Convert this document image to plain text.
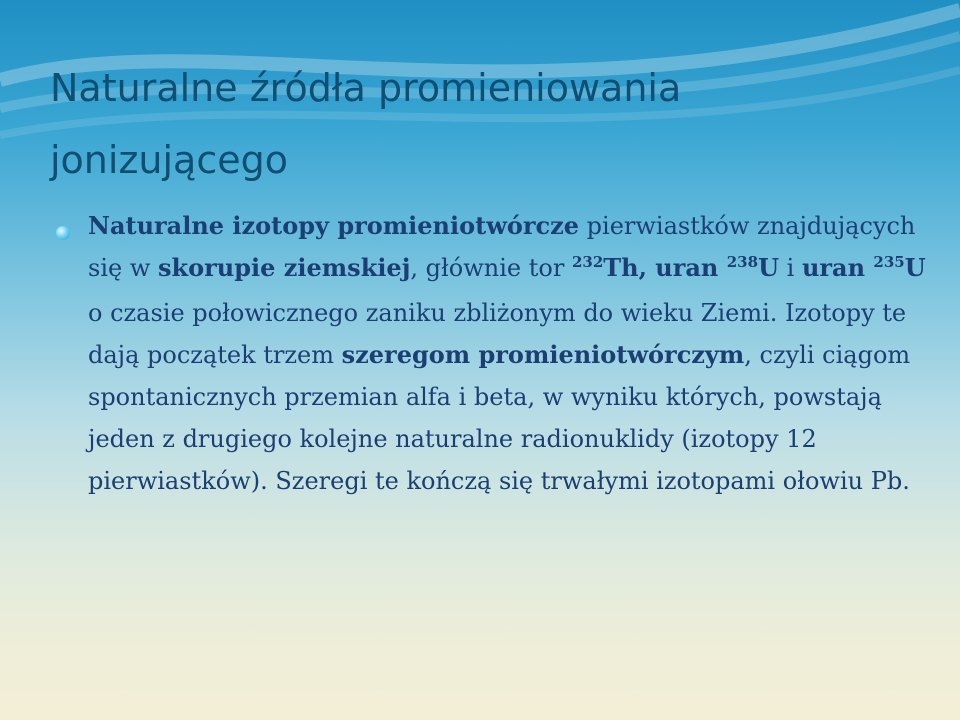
Naturalne źródła promieniowania jonizującego

Naturalne izotopy promieniotwórcze pierwiastków znajdujących się w skorupie ziemskiej, głównie tor $^{232}$Th, uran $^{238}$U i uran $^{235}$U o czasie połowicznego zaniku zbliżonym do wieku Ziemi. Izotopy te dają początek trzem szeregom promieniotwórczym, czyli ciągom spontanicznych przemian alfa i beta, w wyniku których, powstają jeden z drugiego kolejne naturalne radionuklidy (izotopy 12 pierwiastków). Szeregi te kończą się trwałymi izotopami ołowiu Pb.
